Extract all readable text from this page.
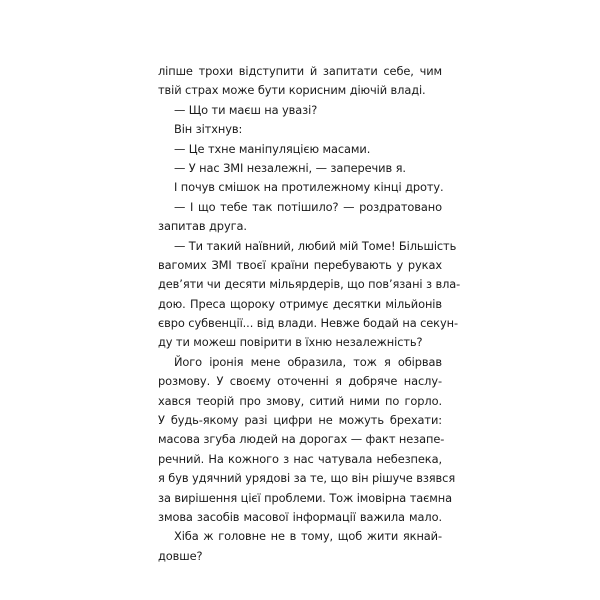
ліпше трохи відступити й запитати себе, чим
твій страх може бути корисним діючій владі.
— Що ти маєш на увазі?
Він зітхнув:
— Це тхне маніпуляцією масами.
— У нас ЗМІ незалежні, — заперечив я.
І почув смішок на протилежному кінці дроту.
— І що тебе так потішило? — роздратовано
запитав друга.
— Ти такий наївний, любий мій Томе! Більшість
вагомих ЗМІ твоєї країни перебувають у руках
дев’яти чи десяти мільярдерів, що пов’язані з вла-
дою. Преса щороку отримує десятки мільйонів
євро субвенції... від влади. Невже бодай на секун-
ду ти можеш повірити в їхню незалежність?
Його іронія мене образила, тож я обірвав
розмову. У своєму оточенні я добряче наслу-
хався теорій про змову, ситий ними по горло.
У будь-якому разі цифри не можуть брехати:
масова згуба людей на дорогах — факт незапе-
речний. На кожного з нас чатувала небезпека,
я був удячний урядові за те, що він рішуче взявся
за вирішення цієї проблеми. Тож імовірна таємна
змова засобів масової інформації важила мало.
Хіба ж головне не в тому, щоб жити якнай-
довше?
